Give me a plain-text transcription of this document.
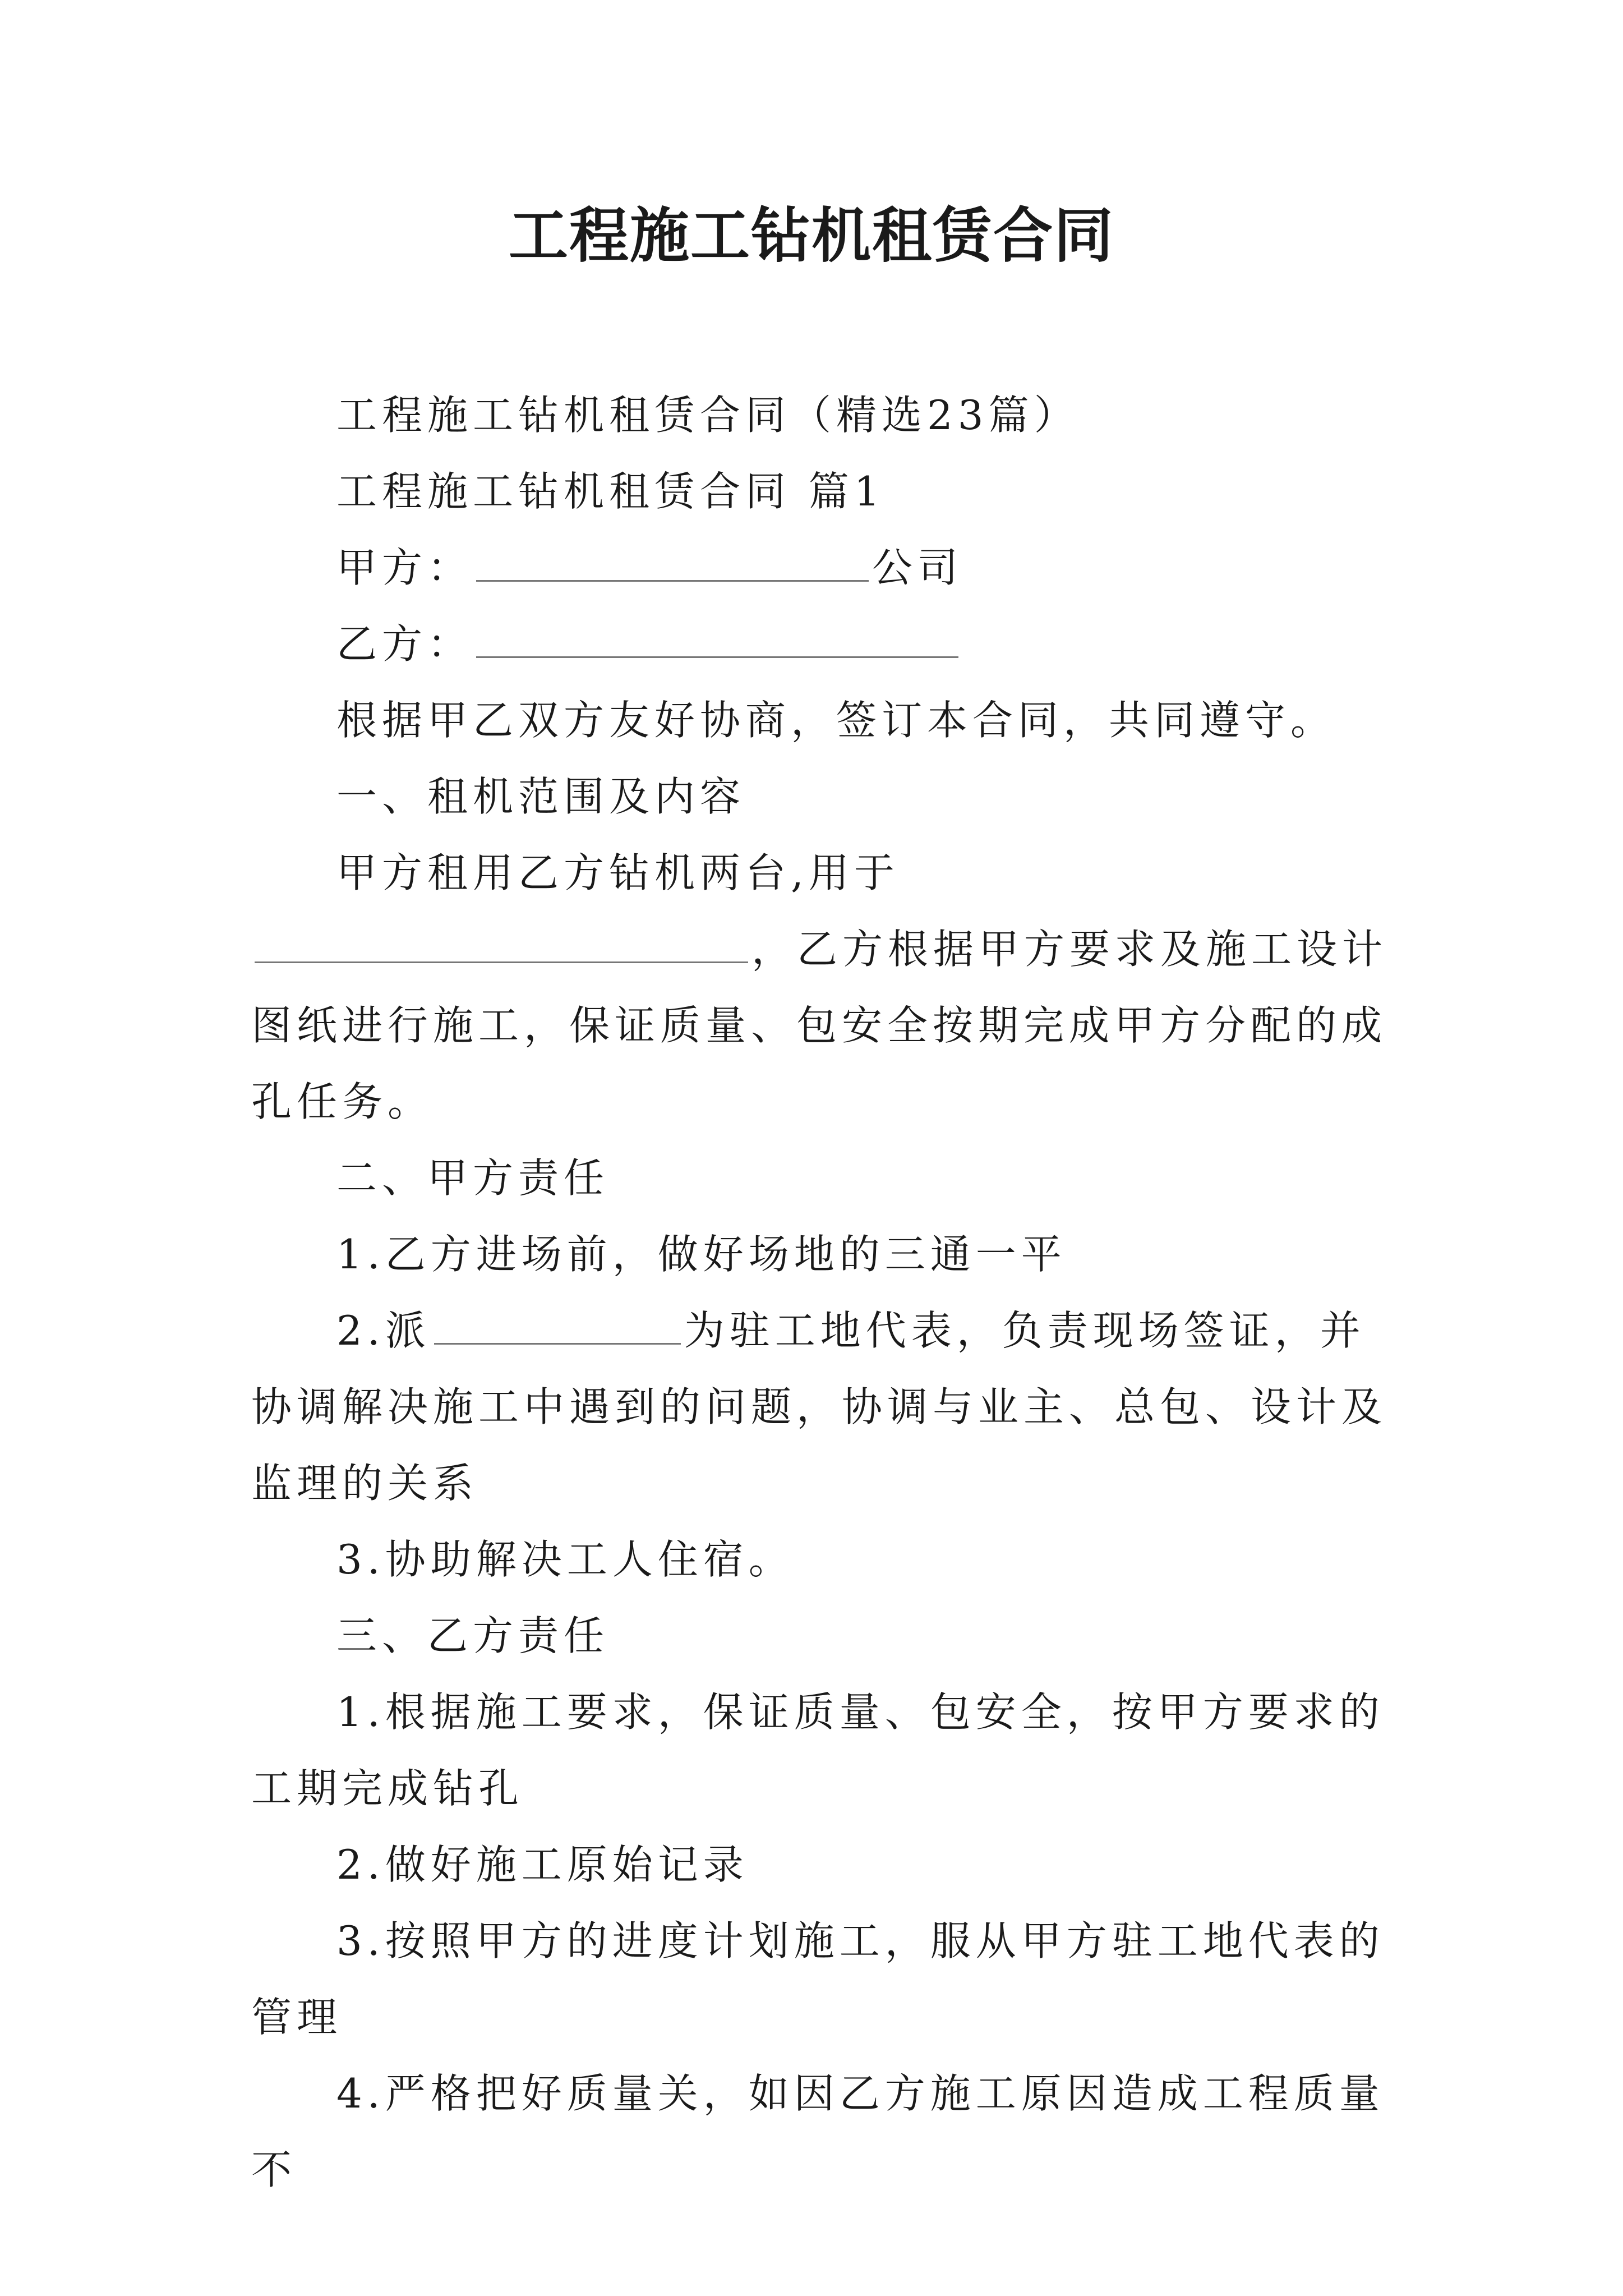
工程施工钻机租赁合同

工程施工钻机租赁合同（精选23篇）

工程施工钻机租赁合同 篇1

甲方：	公司

乙方：

根据甲乙双方友好协商，签订本合同，共同遵守。

一、租机范围及内容

甲方租用乙方钻机两台,用于，乙方根据甲方要求及施工设计图纸进行施工，保证质量、包安全按期完成甲方分配的成孔任务。

二、甲方责任

1.乙方进场前，做好场地的三通一平

2.派	为驻工地代表，负责现场签证，并协调解决施工中遇到的问题，协调与业主、总包、设计及监理的关系

3.协助解决工人住宿。

三、乙方责任

1.根据施工要求，保证质量、包安全，按甲方要求的工期完成钻孔

2.做好施工原始记录

3.按照甲方的进度计划施工，服从甲方驻工地代表的管理

4.严格把好质量关，如因乙方施工原因造成工程质量不
